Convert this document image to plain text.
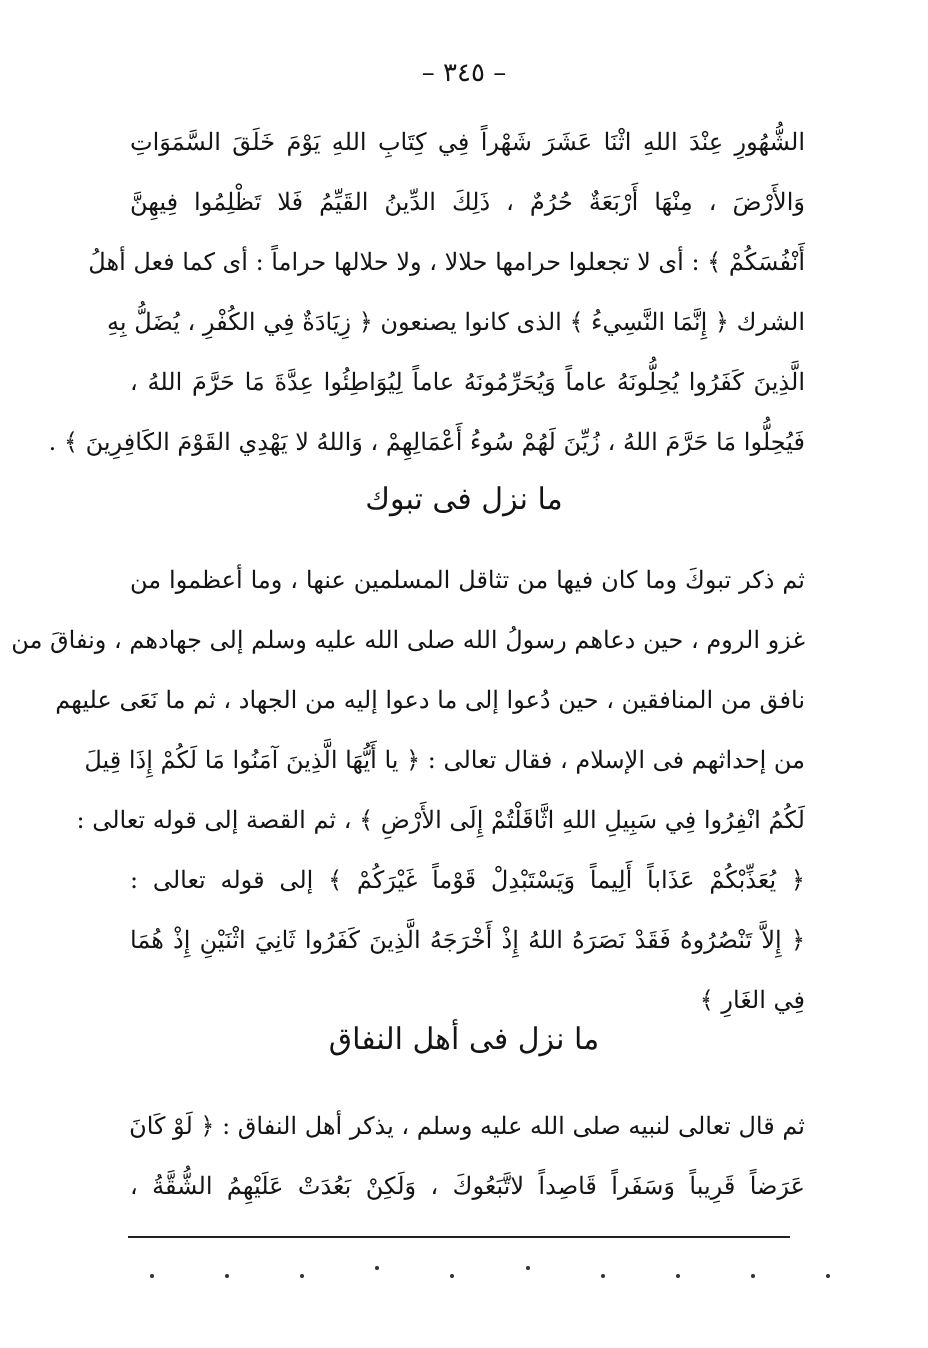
– ٣٤٥ –
الشُّهُورِ عِنْدَ اللهِ اثْنَا عَشَرَ شَهْراً فِي كِتَابِ اللهِ يَوْمَ خَلَقَ السَّمَوَاتِ
وَالأَرْضَ ، مِنْهَا أَرْبَعَةٌ حُرُمٌ ، ذَلِكَ الدِّينُ القَيِّمُ فَلا تَظْلِمُوا فِيهِنَّ
أَنْفُسَكُمْ ﴾ : أى لا تجعلوا حرامها حلالا ، ولا حلالها حراماً : أى كما فعل أهلُ
الشرك ﴿ إِنَّمَا النَّسِيءُ ﴾ الذى كانوا يصنعون ﴿ زِيَادَةٌ فِي الكُفْرِ ، يُضَلُّ بِهِ
الَّذِينَ كَفَرُوا يُحِلُّونَهُ عاماً وَيُحَرِّمُونَهُ عاماً لِيُوَاطِئُوا عِدَّةَ مَا حَرَّمَ اللهُ ،
فَيُحِلُّوا مَا حَرَّمَ اللهُ ، زُيِّنَ لَهُمْ سُوءُ أَعْمَالِهِمْ ، وَاللهُ لا يَهْدِي القَوْمَ الكَافِرِينَ ﴾ .
ما نزل فى تبوك
ثم ذكر تبوكَ وما كان فيها من تثاقل المسلمين عنها ، وما أعظموا من
غزو الروم ، حين دعاهم رسولُ الله صلى الله عليه وسلم إلى جهادهم ، ونفاقَ من
نافق من المنافقين ، حين دُعوا إلى ما دعوا إليه من الجهاد ، ثم ما نَعَى عليهم
من إحداثهم فى الإسلام ، فقال تعالى : ﴿ يا أَيُّهَا الَّذِينَ آمَنُوا مَا لَكُمْ إِذَا قِيلَ
لَكُمُ انْفِرُوا فِي سَبِيلِ اللهِ اثَّاقَلْتُمْ إِلَى الأَرْضِ ﴾ ، ثم القصة إلى قوله تعالى :
﴿ يُعَذِّبْكُمْ عَذَاباً أَلِيماً وَيَسْتَبْدِلْ قَوْماً غَيْرَكُمْ ﴾ إلى قوله تعالى :
﴿ إِلاَّ تَنْصُرُوهُ فَقَدْ نَصَرَهُ اللهُ إِذْ أَخْرَجَهُ الَّذِينَ كَفَرُوا ثَانِيَ اثْنَيْنِ إِذْ هُمَا
فِي الغَارِ ﴾
ما نزل فى أهل النفاق
ثم قال تعالى لنبيه صلى الله عليه وسلم ، يذكر أهل النفاق : ﴿ لَوْ كَانَ
عَرَضاً قَرِيباً وَسَفَراً قَاصِداً لاتَّبَعُوكَ ، وَلَكِنْ بَعُدَتْ عَلَيْهِمُ الشُّقَّةُ ،
